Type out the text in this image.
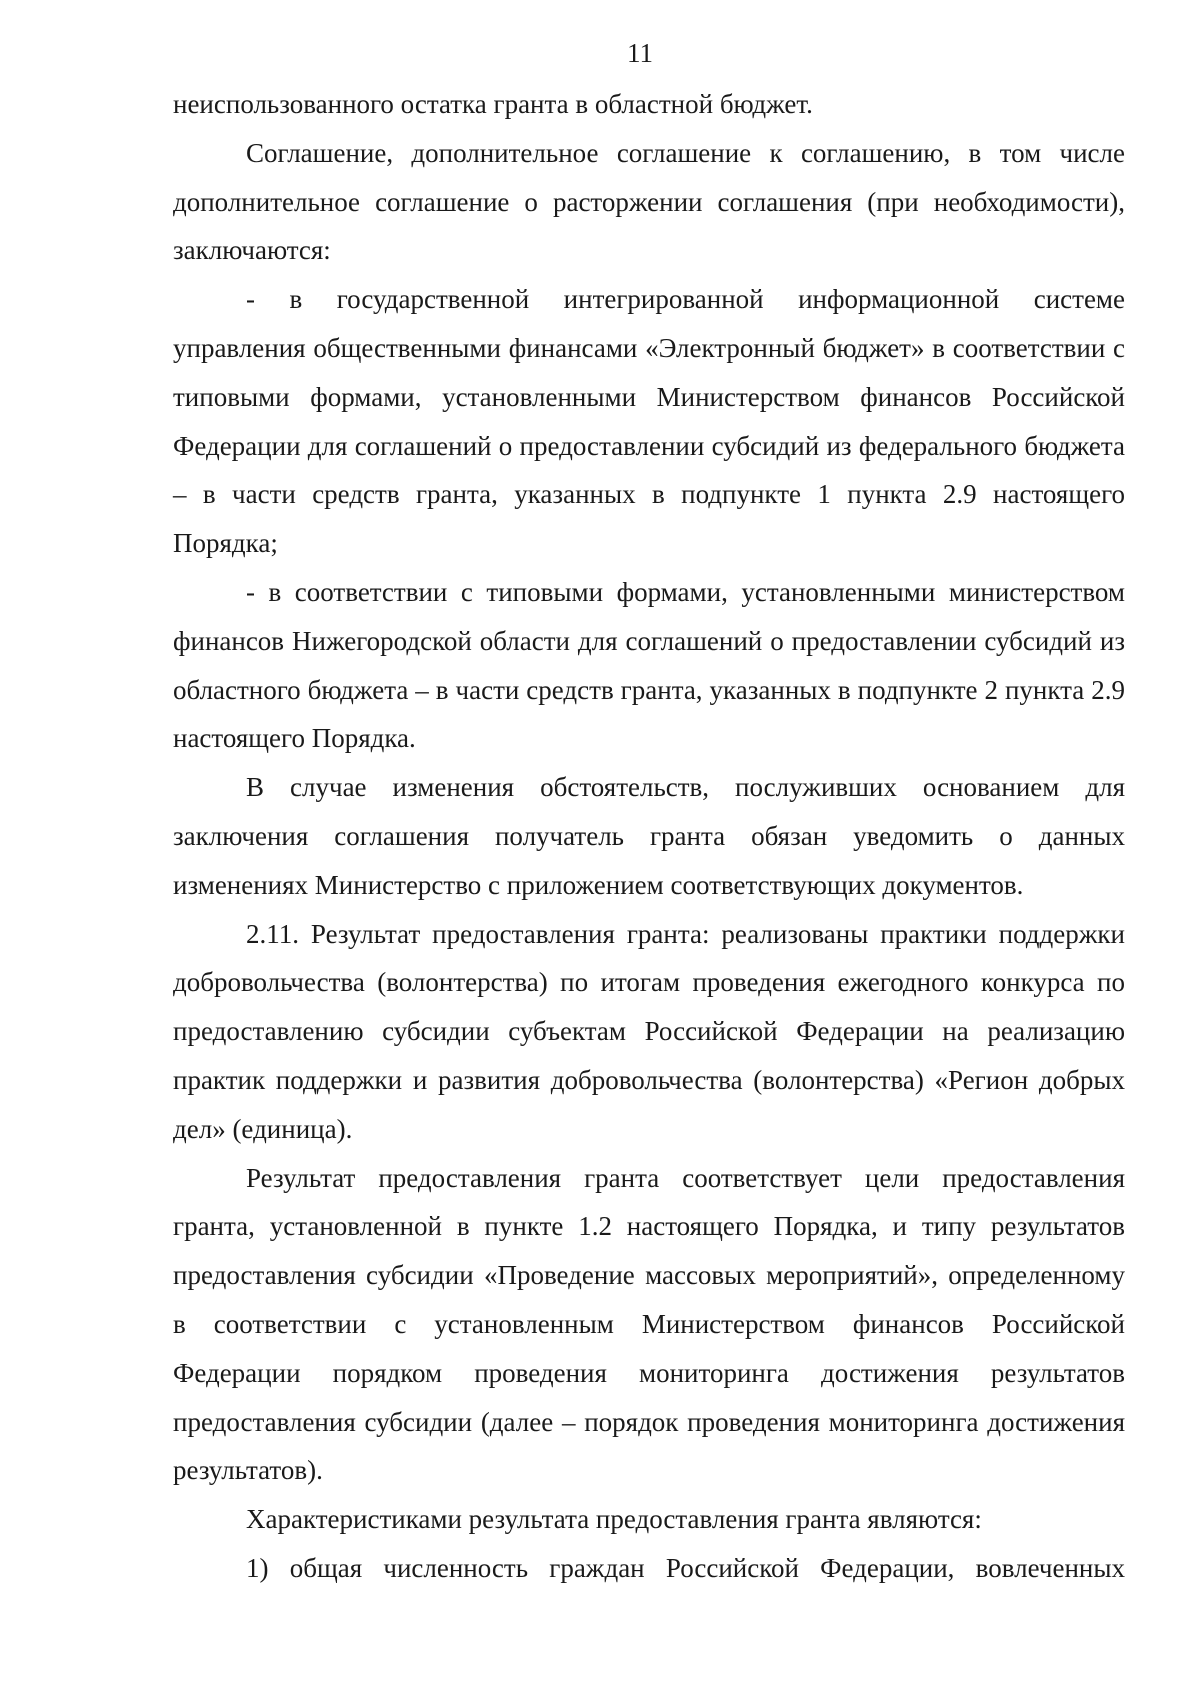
11

неиспользованного остатка гранта в областной бюджет.

Соглашение, дополнительное соглашение к соглашению, в том числе дополнительное соглашение о расторжении соглашения (при необходимости), заключаются:

- в государственной интегрированной информационной системе управления общественными финансами «Электронный бюджет» в соответствии с типовыми формами, установленными Министерством финансов Российской Федерации для соглашений о предоставлении субсидий из федерального бюджета – в части средств гранта, указанных в подпункте 1 пункта 2.9 настоящего Порядка;

- в соответствии с типовыми формами, установленными министерством финансов Нижегородской области для соглашений о предоставлении субсидий из областного бюджета – в части средств гранта, указанных в подпункте 2 пункта 2.9 настоящего Порядка.

В случае изменения обстоятельств, послуживших основанием для заключения соглашения получатель гранта обязан уведомить о данных изменениях Министерство с приложением соответствующих документов.

2.11. Результат предоставления гранта: реализованы практики поддержки добровольчества (волонтерства) по итогам проведения ежегодного конкурса по предоставлению субсидии субъектам Российской Федерации на реализацию практик поддержки и развития добровольчества (волонтерства) «Регион добрых дел» (единица).

Результат предоставления гранта соответствует цели предоставления гранта, установленной в пункте 1.2 настоящего Порядка, и типу результатов предоставления субсидии «Проведение массовых мероприятий», определенному в соответствии с установленным Министерством финансов Российской Федерации порядком проведения мониторинга достижения результатов предоставления субсидии (далее – порядок проведения мониторинга достижения результатов).

Характеристиками результата предоставления гранта являются:

1) общая численность граждан Российской Федерации, вовлеченных
